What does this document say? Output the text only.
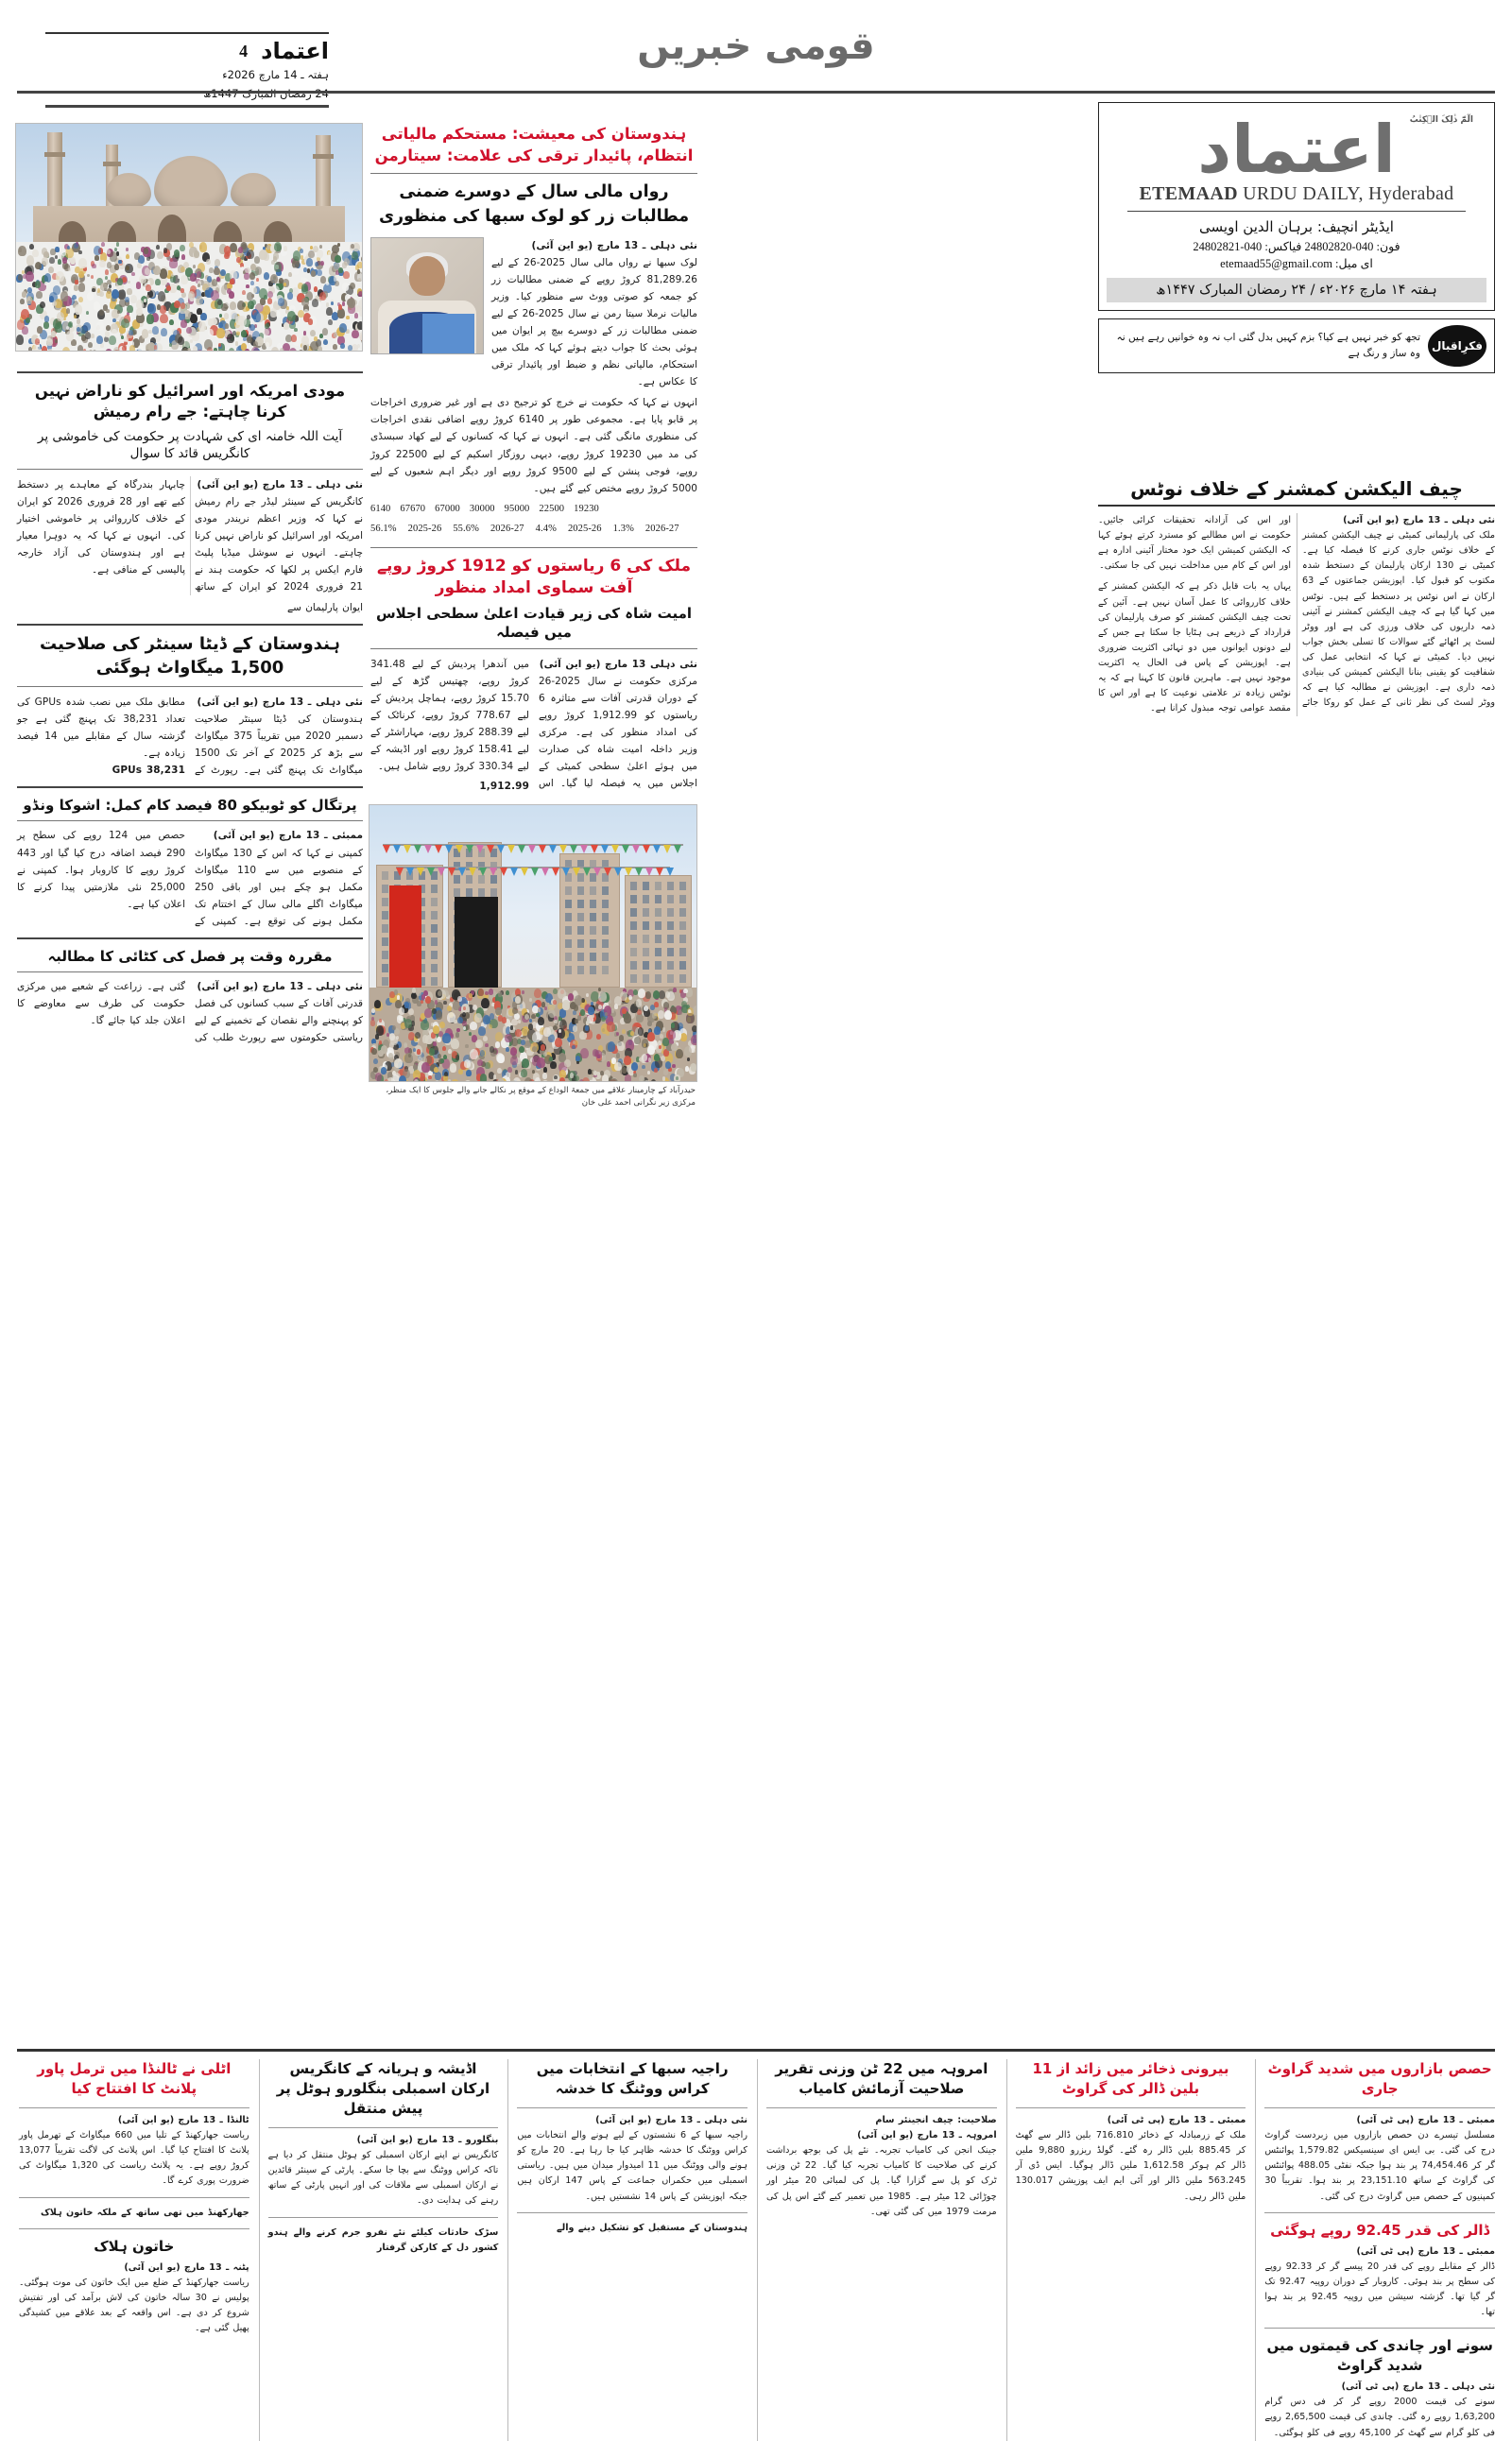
اعتماد
4
ہفتہ ـ 14 مارچ 2026ء
قومی خبریں
الٓمّٓ ذٰلِکَ الۡکِتٰبُ
اعتماد
ETEMAAD URDU DAILY, Hyderabad
ایڈیٹر انچیف: برہان الدین اویسی
فون: 040-24802820 فیاکس: 040-24802821
ای میل: etemaad55@gmail.com
ہفتہ ۱۴ مارچ ۲۰۲۶ء / ۲۴ رمضان المبارک ۱۴۴۷ھ
فکرِاقبال
تجھ کو خبر نہیں ہے کیا؟ بزم کہیں بدل گئی اب نہ وہ خوانیں رہے ہیں نہ وہ ساز و رنگ ہے
چیف الیکشن کمشنر کے خلاف نوٹس
نئی دہلی ـ 13 مارچ (یو این آئی)
ملک کی پارلیمانی کمیٹی نے چیف الیکشن کمشنر کے خلاف نوٹس جاری کرنے کا فیصلہ کیا ہے۔ کمیٹی نے 130 ارکان پارلیمان کے دستخط شدہ مکتوب کو قبول کیا۔ اپوزیشن جماعتوں کے 63 ارکان نے اس نوٹس پر دستخط کیے ہیں۔ نوٹس میں کہا گیا ہے کہ چیف الیکشن کمشنر نے آئینی ذمہ داریوں کی خلاف ورزی کی ہے اور ووٹر لسٹ پر اٹھائے گئے سوالات کا تسلی بخش جواب نہیں دیا۔ کمیٹی نے کہا کہ انتخابی عمل کی شفافیت کو یقینی بنانا الیکشن کمیشن کی بنیادی ذمہ داری ہے۔ اپوزیشن نے مطالبہ کیا ہے کہ ووٹر لسٹ کی نظر ثانی کے عمل کو روکا جائے اور اس کی آزادانہ تحقیقات کرائی جائیں۔ حکومت نے اس مطالبے کو مسترد کرتے ہوئے کہا کہ الیکشن کمیشن ایک خود مختار آئینی ادارہ ہے اور اس کے کام میں مداخلت نہیں کی جا سکتی۔
یہاں یہ بات قابل ذکر ہے کہ الیکشن کمشنر کے خلاف کارروائی کا عمل آسان نہیں ہے۔ آئین کے تحت چیف الیکشن کمشنر کو صرف پارلیمان کی قرارداد کے ذریعے ہی ہٹایا جا سکتا ہے جس کے لیے دونوں ایوانوں میں دو تہائی اکثریت ضروری ہے۔ اپوزیشن کے پاس فی الحال یہ اکثریت موجود نہیں ہے۔ ماہرین قانون کا کہنا ہے کہ یہ نوٹس زیادہ تر علامتی نوعیت کا ہے اور اس کا مقصد عوامی توجہ مبذول کرانا ہے۔
ہندوستان کی معیشت: مستحکم مالیاتی انتظام، پائیدار ترقی کی علامت: سیتارمن
رواں مالی سال کے دوسرے ضمنی مطالبات زر کو لوک سبھا کی منظوری
نئی دہلی ـ 13 مارچ (یو این آئی)
لوک سبھا نے رواں مالی سال 2025-26 کے لیے 81,289.26 کروڑ روپے کے ضمنی مطالبات زر کو جمعہ کو صوتی ووٹ سے منظور کیا۔ وزیر مالیات نرملا سیتا رمن نے سال 2025-26 کے لیے ضمنی مطالبات زر کے دوسرے بیچ پر ایوان میں ہوئی بحث کا جواب دیتے ہوئے کہا کہ ملک میں استحکام، مالیاتی نظم و ضبط اور پائیدار ترقی کا عکاس ہے۔
انہوں نے کہا کہ حکومت نے خرچ کو ترجیح دی ہے اور غیر ضروری اخراجات پر قابو پایا ہے۔ مجموعی طور پر 6140 کروڑ روپے اضافی نقدی اخراجات کی منظوری مانگی گئی ہے۔ انہوں نے کہا کہ کسانوں کے لیے کھاد سبسڈی کی مد میں 19230 کروڑ روپے، دیہی روزگار اسکیم کے لیے 22500 کروڑ روپے، فوجی پنشن کے لیے 9500 کروڑ روپے اور دیگر اہم شعبوں کے لیے 5000 کروڑ روپے مختص کیے گئے ہیں۔
19230
22500
95000
30000
67000
67670
6140
2026-27
1.3%
2025-26
4.4%
2026-27
55.6%
2025-26
56.1%
ملک کی 6 ریاستوں کو 1912 کروڑ روپے آفت سماوی امداد منظور
امیت شاہ کی زیر قیادت اعلیٰ سطحی اجلاس میں فیصلہ
نئی دہلی 13 مارچ (یو این آئی)
مرکزی حکومت نے سال 2025-26 کے دوران قدرتی آفات سے متاثرہ 6 ریاستوں کو 1,912.99 کروڑ روپے کی امداد منظور کی ہے۔ مرکزی وزیر داخلہ امیت شاہ کی صدارت میں ہوئے اعلیٰ سطحی کمیٹی کے اجلاس میں یہ فیصلہ لیا گیا۔ اس میں آندھرا پردیش کے لیے 341.48 کروڑ روپے، چھتیس گڑھ کے لیے 15.70 کروڑ روپے، ہماچل پردیش کے لیے 778.67 کروڑ روپے، کرناٹک کے لیے 288.39 کروڑ روپے، مہاراشٹر کے لیے 158.41 کروڑ روپے اور اڈیشہ کے لیے 330.34 کروڑ روپے شامل ہیں۔
1,912.99
حیدرآباد کے چارمینار علاقے میں جمعۃ الوداع کے موقع پر نکالے جانے والے جلوس کا ایک منظر، مرکزی زیر نگرانی احمد علی خان

مودی امریکہ اور اسرائیل کو ناراض نہیں کرنا چاہتے: جے رام رمیش
آیت اللہ خامنہ ای کی شہادت پر حکومت کی خاموشی پر کانگریس قائد کا سوال
نئی دہلی ـ 13 مارچ (یو این آئی)
کانگریس کے سینئر لیڈر جے رام رمیش نے کہا کہ وزیر اعظم نریندر مودی امریکہ اور اسرائیل کو ناراض نہیں کرنا چاہتے۔ انہوں نے سوشل میڈیا پلیٹ فارم ایکس پر لکھا کہ حکومت ہند نے 21 فروری 2024 کو ایران کے ساتھ چابہار بندرگاہ کے معاہدے پر دستخط کیے تھے اور 28 فروری 2026 کو ایران کے خلاف کارروائی پر خاموشی اختیار کی۔ انہوں نے کہا کہ یہ دوہرا معیار ہے اور ہندوستان کی آزاد خارجہ پالیسی کے منافی ہے۔
ایوان پارلیمان سے
ہندوستان کے ڈیٹا سینٹر کی صلاحیت 1,500 میگاواٹ ہوگئی
نئی دہلی ـ 13 مارچ (یو این آئی)
ہندوستان کی ڈیٹا سینٹر صلاحیت دسمبر 2020 میں تقریباً 375 میگاواٹ سے بڑھ کر 2025 کے آخر تک 1500 میگاواٹ تک پہنچ گئی ہے۔ رپورٹ کے مطابق ملک میں نصب شدہ GPUs کی تعداد 38,231 تک پہنچ گئی ہے جو گزشتہ سال کے مقابلے میں 14 فیصد زیادہ ہے۔
GPUs 38,231
پرتگال کو ٹوبیکو 80 فیصد کام کمل: اشوکا ونڈو
ممبئی ـ 13 مارچ (یو این آئی)
کمپنی نے کہا کہ اس کے 130 میگاواٹ کے منصوبے میں سے 110 میگاواٹ مکمل ہو چکے ہیں اور باقی 250 میگاواٹ اگلے مالی سال کے اختتام تک مکمل ہونے کی توقع ہے۔ کمپنی کے حصص میں 124 روپے کی سطح پر 290 فیصد اضافہ درج کیا گیا اور 443 کروڑ روپے کا کاروبار ہوا۔ کمپنی نے 25,000 نئی ملازمتیں پیدا کرنے کا اعلان کیا ہے۔
مقررہ وقت پر فصل کی کٹائی کا مطالبہ
نئی دہلی ـ 13 مارچ (یو این آئی)
قدرتی آفات کے سبب کسانوں کی فصل کو پہنچنے والے نقصان کے تخمینے کے لیے ریاستی حکومتوں سے رپورٹ طلب کی گئی ہے۔ زراعت کے شعبے میں مرکزی حکومت کی طرف سے معاوضے کا اعلان جلد کیا جائے گا۔
حصص بازاروں میں شدید گراوٹ جاری
ممبئی ـ 13 مارچ (پی ٹی آئی)
مسلسل تیسرے دن حصص بازاروں میں زبردست گراوٹ درج کی گئی۔ بی ایس ای سینسیکس 1,579.82 پوائنٹس گر کر 74,454.46 پر بند ہوا جبکہ نفٹی 488.05 پوائنٹس کی گراوٹ کے ساتھ 23,151.10 پر بند ہوا۔ تقریباً 30 کمپنیوں کے حصص میں گراوٹ درج کی گئی۔
ڈالر کی قدر 92.45 روپے ہوگئی
ممبئی ـ 13 مارچ (پی ٹی آئی)
ڈالر کے مقابلے روپے کی قدر 20 پیسے گر کر 92.33 روپے کی سطح پر بند ہوئی۔ کاروبار کے دوران روپیہ 92.47 تک گر گیا تھا۔ گزشتہ سیشن میں روپیہ 92.45 پر بند ہوا تھا۔
سونے اور چاندی کی قیمتوں میں شدید گراوٹ
نئی دہلی ـ 13 مارچ (پی ٹی آئی)
سونے کی قیمت 2000 روپے گر کر فی دس گرام 1,63,200 روپے رہ گئی۔ چاندی کی قیمت 2,65,500 روپے فی کلو گرام سے گھٹ کر 45,100 روپے فی کلو ہوگئی۔
بیرونی ذخائر میں زائد از 11 بلین ڈالر کی گراوٹ
ممبئی ـ 13 مارچ (پی ٹی آئی)
ملک کے زرمبادلہ کے ذخائر 716.810 بلین ڈالر سے گھٹ کر 885.45 بلین ڈالر رہ گئے۔ گولڈ ریزرو 9,880 ملین ڈالر کم ہوکر 1,612.58 ملین ڈالر ہوگیا۔ ایس ڈی آر 563.245 ملین ڈالر اور آئی ایم ایف پوزیشن 130.017 ملین ڈالر رہی۔
امروہہ میں 22 ٹن وزنی تقریر صلاحیت آزمائش کامیاب
صلاحیت: چیف انجینئر سام
امروہہ ـ 13 مارچ (یو این آئی)
جینک انجن کی کامیاب تجربہ۔ نئے پل کی بوجھ برداشت کرنے کی صلاحیت کا کامیاب تجربہ کیا گیا۔ 22 ٹن وزنی ٹرک کو پل سے گزارا گیا۔ پل کی لمبائی 20 میٹر اور چوڑائی 12 میٹر ہے۔ 1985 میں تعمیر کیے گئے اس پل کی مرمت 1979 میں کی گئی تھی۔
راجیہ سبھا کے انتخابات میں کراس ووٹنگ کا خدشہ
نئی دہلی ـ 13 مارچ (یو این آئی)
راجیہ سبھا کے 6 نشستوں کے لیے ہونے والے انتخابات میں کراس ووٹنگ کا خدشہ ظاہر کیا جا رہا ہے۔ 20 مارچ کو ہونے والی ووٹنگ میں 11 امیدوار میدان میں ہیں۔ ریاستی اسمبلی میں حکمراں جماعت کے پاس 147 ارکان ہیں جبکہ اپوزیشن کے پاس 14 نشستیں ہیں۔
ہندوستان کے مستقبل کو تشکیل دینے والے
اڈیشہ و ہریانہ کے کانگریس ارکان اسمبلی بنگلورو ہوٹل پر پیش منتقل
بنگلورو ـ 13 مارچ (یو این آئی)
کانگریس نے اپنے ارکان اسمبلی کو ہوٹل منتقل کر دیا ہے تاکہ کراس ووٹنگ سے بچا جا سکے۔ پارٹی کے سینئر قائدین نے ارکان اسمبلی سے ملاقات کی اور انہیں پارٹی کے ساتھ رہنے کی ہدایت دی۔
سڑک حادثات کیلئے نئے نفرو جرم کرنے والے ہندو کشور دل کے کارکن گرفتار
اٹلی نے ٹالنڈا میں ترمل پاور پلانٹ کا افتتاح کیا
ٹالنڈا ـ 13 مارچ (یو این آئی)
ریاست جھارکھنڈ کے تلیا میں 660 میگاواٹ کے تھرمل پاور پلانٹ کا افتتاح کیا گیا۔ اس پلانٹ کی لاگت تقریباً 13,077 کروڑ روپے ہے۔ یہ پلانٹ ریاست کی 1,320 میگاواٹ کی ضرورت پوری کرے گا۔
جھارکھنڈ میں تھی ساتھ کے ملکہ خاتون ہلاک
خاتون ہلاک
پٹنہ ـ 13 مارچ (یو این آئی)
ریاست جھارکھنڈ کے ضلع میں ایک خاتون کی موت ہوگئی۔ پولیس نے 30 سالہ خاتون کی لاش برآمد کی اور تفتیش شروع کر دی ہے۔ اس واقعہ کے بعد علاقے میں کشیدگی پھیل گئی ہے۔
